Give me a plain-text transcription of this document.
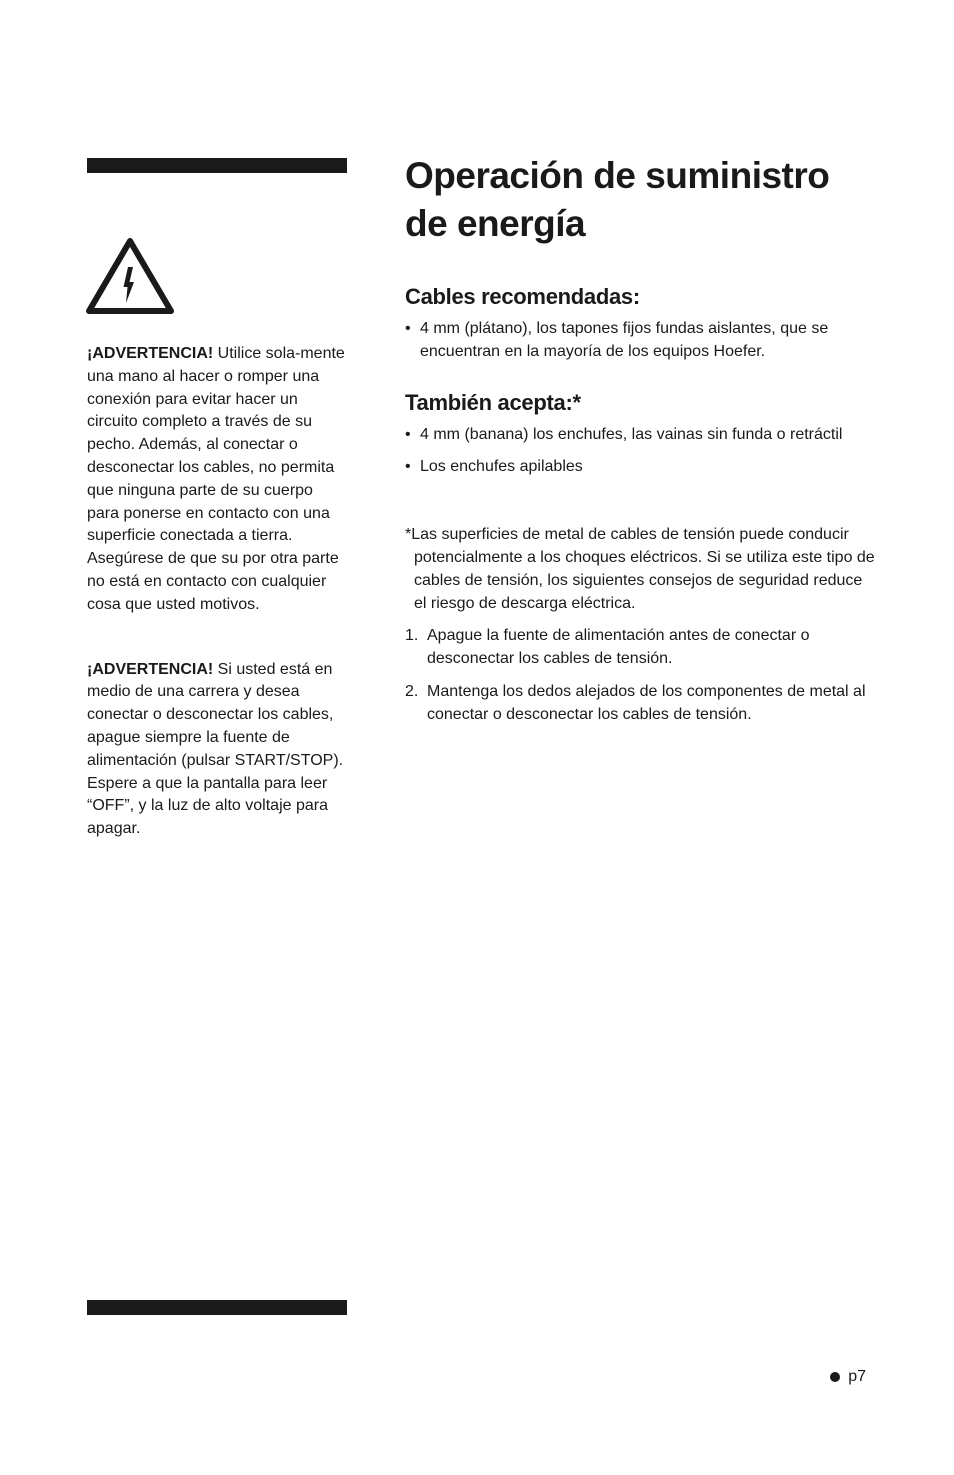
¡ADVERTENCIA! Utilice sola-mente una mano al hacer o romper una conexión para evitar hacer un circuito completo a través de su pecho. Además, al conectar o desconectar los cables, no permita que ninguna parte de su cuerpo para ponerse en contacto con una superficie conectada a tierra. Asegúrese de que su por otra parte no está en contacto con cualquier cosa que usted motivos.

¡ADVERTENCIA! Si usted está en medio de una carrera y desea conectar o desconectar los cables, apague siempre la fuente de alimentación (pulsar START/STOP). Espere a que la pantalla para leer “OFF”, y la luz de alto voltaje para apagar.

Operación de suministro
de energía
Cables recomendadas:
• 4 mm (plátano), los tapones fijos fundas aislantes, que se encuentran en la mayoría de los equipos Hoefer.
También acepta:*
• 4 mm (banana) los enchufes, las vainas sin funda o retráctil
• Los enchufes apilables

*Las superficies de metal de cables de tensión puede conducir potencialmente a los choques eléctricos. Si se utiliza este tipo de cables de tensión, los siguientes consejos de seguridad reduce el riesgo de descarga eléctrica.

1. Apague la fuente de alimentación antes de conectar o desconectar los cables de tensión.
2. Mantenga los dedos alejados de los componentes de metal al conectar o desconectar los cables de tensión.
p7
